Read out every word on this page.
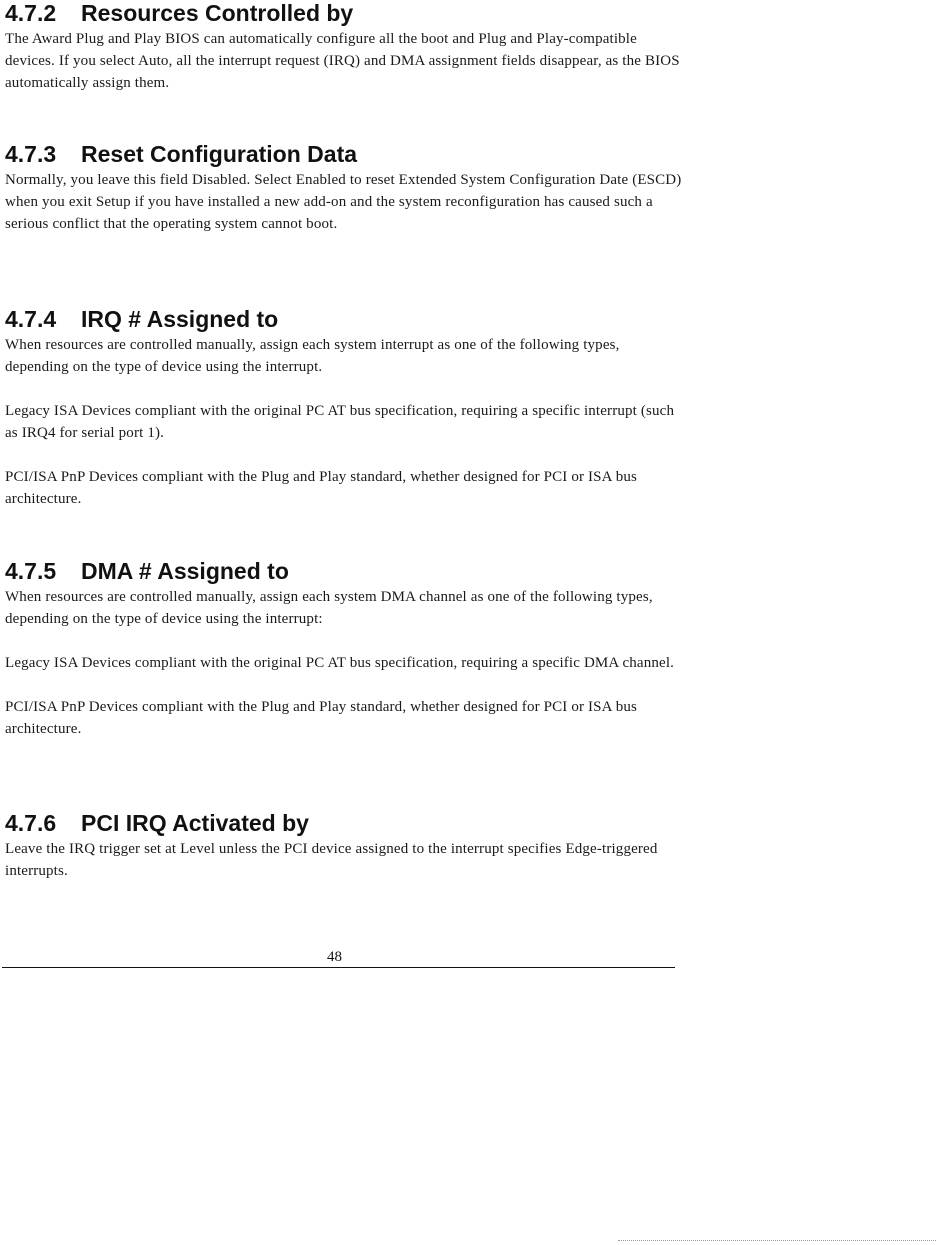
4.7.2 Resources Controlled by

The Award Plug and Play BIOS can automatically configure all the boot and Plug and Play-compatible devices. If you select Auto, all the interrupt request (IRQ) and DMA assignment fields disappear, as the BIOS automatically assign them.

4.7.3 Reset Configuration Data

Normally, you leave this field Disabled. Select Enabled to reset Extended System Configuration Date (ESCD) when you exit Setup if you have installed a new add-on and the system reconfiguration has caused such a serious conflict that the operating system cannot boot.

4.7.4 IRQ # Assigned to

When resources are controlled manually, assign each system interrupt as one of the following types, depending on the type of device using the interrupt.

Legacy ISA Devices compliant with the original PC AT bus specification, requiring a specific interrupt (such as IRQ4 for serial port 1).

PCI/ISA PnP Devices compliant with the Plug and Play standard, whether designed for PCI or ISA bus architecture.

4.7.5 DMA # Assigned to

When resources are controlled manually, assign each system DMA channel as one of the following types, depending on the type of device using the interrupt:

Legacy ISA Devices compliant with the original PC AT bus specification, requiring a specific DMA channel.

PCI/ISA PnP Devices compliant with the Plug and Play standard, whether designed for PCI or ISA bus architecture.

4.7.6 PCI IRQ Activated by

Leave the IRQ trigger set at Level unless the PCI device assigned to the interrupt specifies Edge-triggered interrupts.

48
